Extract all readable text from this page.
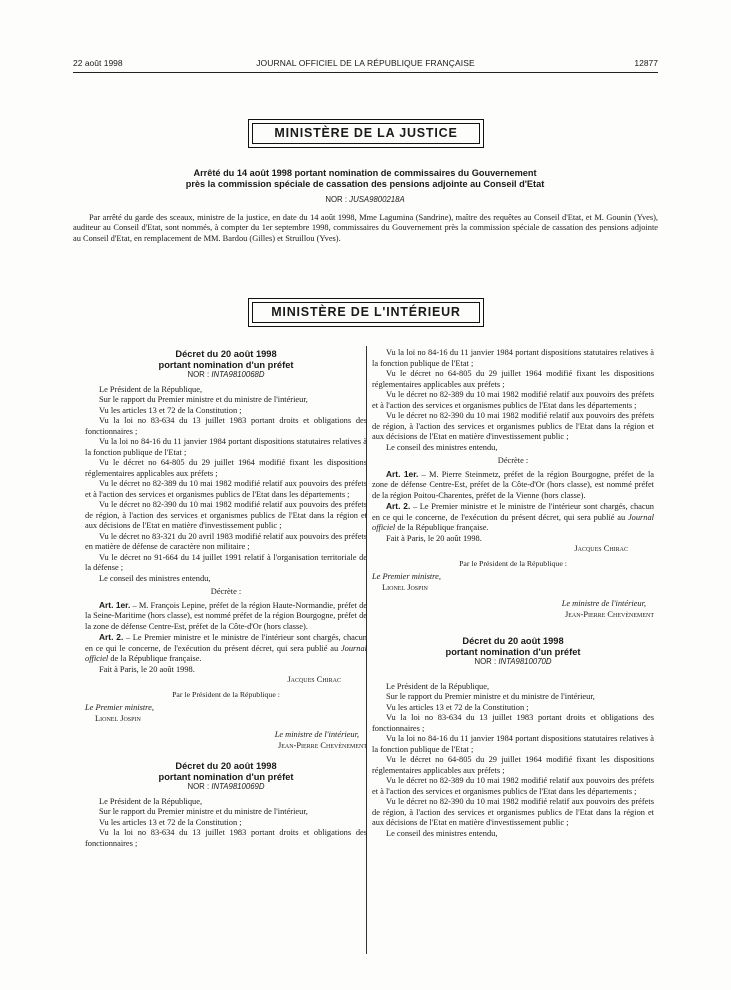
22 août 1998	JOURNAL OFFICIEL DE LA RÉPUBLIQUE FRANÇAISE	12877
MINISTÈRE DE LA JUSTICE
Arrêté du 14 août 1998 portant nomination de commissaires du Gouvernement
près la commission spéciale de cassation des pensions adjointe au Conseil d'Etat
NOR : JUSA9800218A

Par arrêté du garde des sceaux, ministre de la justice, en date du 14 août 1998, Mme Lagumina (Sandrine), maître des requêtes au Conseil d'Etat, et M. Gounin (Yves), auditeur au Conseil d'Etat, sont nommés, à compter du 1er septembre 1998, commissaires du Gouvernement près la commission spéciale de cassation des pensions adjointe au Conseil d'Etat, en remplacement de MM. Bardou (Gilles) et Struillou (Yves).

MINISTÈRE DE L'INTÉRIEUR
Décret du 20 août 1998
portant nomination d'un préfet
NOR : INTA9810068D

Le Président de la République,

Sur le rapport du Premier ministre et du ministre de l'intérieur,

Vu les articles 13 et 72 de la Constitution ;

Vu la loi no 83-634 du 13 juillet 1983 portant droits et obligations des fonctionnaires ;

Vu la loi no 84-16 du 11 janvier 1984 portant dispositions statutaires relatives à la fonction publique de l'Etat ;

Vu le décret no 64-805 du 29 juillet 1964 modifié fixant les dispositions réglementaires applicables aux préfets ;

Vu le décret no 82-389 du 10 mai 1982 modifié relatif aux pouvoirs des préfets et à l'action des services et organismes publics de l'Etat dans les départements ;

Vu le décret no 82-390 du 10 mai 1982 modifié relatif aux pouvoirs des préfets de région, à l'action des services et organismes publics de l'Etat dans la région et aux décisions de l'Etat en matière d'investissement public ;

Vu le décret no 83-321 du 20 avril 1983 modifié relatif aux pouvoirs des préfets en matière de défense de caractère non militaire ;

Vu le décret no 91-664 du 14 juillet 1991 relatif à l'organisation territoriale de la défense ;

Le conseil des ministres entendu,

Décrète :

Art. 1er. – M. François Lepine, préfet de la région Haute-Normandie, préfet de la Seine-Maritime (hors classe), est nommé préfet de la région Bourgogne, préfet de la zone de défense Centre-Est, préfet de la Côte-d'Or (hors classe).

Art. 2. – Le Premier ministre et le ministre de l'intérieur sont chargés, chacun en ce qui le concerne, de l'exécution du présent décret, qui sera publié au Journal officiel de la République française.

Fait à Paris, le 20 août 1998.

Jacques Chirac

Par le Président de la République :

Le Premier ministre,

Lionel Jospin

Le ministre de l'intérieur,

Jean-Pierre Chevènement

Décret du 20 août 1998
portant nomination d'un préfet
NOR : INTA9810069D

Le Président de la République,

Sur le rapport du Premier ministre et du ministre de l'intérieur,

Vu les articles 13 et 72 de la Constitution ;

Vu la loi no 83-634 du 13 juillet 1983 portant droits et obligations des fonctionnaires ;

Vu la loi no 84-16 du 11 janvier 1984 portant dispositions statutaires relatives à la fonction publique de l'Etat ;

Vu le décret no 64-805 du 29 juillet 1964 modifié fixant les dispositions réglementaires applicables aux préfets ;

Vu le décret no 82-389 du 10 mai 1982 modifié relatif aux pouvoirs des préfets et à l'action des services et organismes publics de l'Etat dans les départements ;

Vu le décret no 82-390 du 10 mai 1982 modifié relatif aux pouvoirs des préfets de région, à l'action des services et organismes publics de l'Etat dans la région et aux décisions de l'Etat en matière d'investissement public ;

Le conseil des ministres entendu,

Décrète :

Art. 1er. – M. Pierre Steinmetz, préfet de la région Bourgogne, préfet de la zone de défense Centre-Est, préfet de la Côte-d'Or (hors classe), est nommé préfet de la région Poitou-Charentes, préfet de la Vienne (hors classe).

Art. 2. – Le Premier ministre et le ministre de l'intérieur sont chargés, chacun en ce qui le concerne, de l'exécution du présent décret, qui sera publié au Journal officiel de la République française.

Fait à Paris, le 20 août 1998.

Jacques Chirac

Par le Président de la République :

Le Premier ministre,

Lionel Jospin

Le ministre de l'intérieur,

Jean-Pierre Chevènement

Décret du 20 août 1998
portant nomination d'un préfet
NOR : INTA9810070D

Le Président de la République,

Sur le rapport du Premier ministre et du ministre de l'intérieur,

Vu les articles 13 et 72 de la Constitution ;

Vu la loi no 83-634 du 13 juillet 1983 portant droits et obligations des fonctionnaires ;

Vu la loi no 84-16 du 11 janvier 1984 portant dispositions statutaires relatives à la fonction publique de l'Etat ;

Vu le décret no 64-805 du 29 juillet 1964 modifié fixant les dispositions réglementaires applicables aux préfets ;

Vu le décret no 82-389 du 10 mai 1982 modifié relatif aux pouvoirs des préfets et à l'action des services et organismes publics de l'Etat dans les départements ;

Vu le décret no 82-390 du 10 mai 1982 modifié relatif aux pouvoirs des préfets de région, à l'action des services et organismes publics de l'Etat dans la région et aux décisions de l'Etat en matière d'investissement public ;

Le conseil des ministres entendu,
